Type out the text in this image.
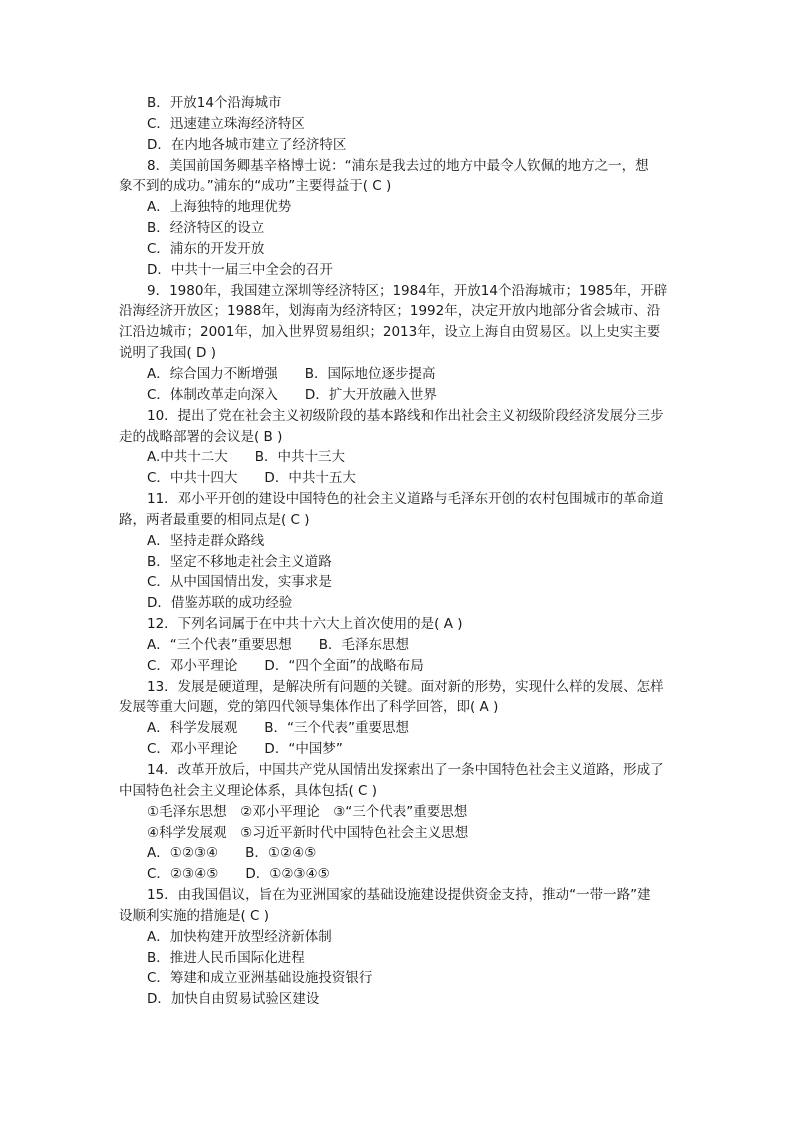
B．开放14个沿海城市
C．迅速建立珠海经济特区
D．在内地各城市建立了经济特区
8．美国前国务卿基辛格博士说：“浦东是我去过的地方中最令人钦佩的地方之一，想
象不到的成功。”浦东的“成功”主要得益于( C )
A．上海独特的地理优势
B．经济特区的设立
C．浦东的开发开放
D．中共十一届三中全会的召开
9．1980年，我国建立深圳等经济特区；1984年，开放14个沿海城市；1985年，开辟
沿海经济开放区；1988年，划海南为经济特区；1992年，决定开放内地部分省会城市、沿
江沿边城市；2001年，加入世界贸易组织；2013年，设立上海自由贸易区。以上史实主要
说明了我国( D )
A．综合国力不断增强　　B．国际地位逐步提高
C．体制改革走向深入　　D．扩大开放融入世界
10．提出了党在社会主义初级阶段的基本路线和作出社会主义初级阶段经济发展分三步
走的战略部署的会议是( B )
A.中共十二大　　B．中共十三大
C．中共十四大　　D．中共十五大
11．邓小平开创的建设中国特色的社会主义道路与毛泽东开创的农村包围城市的革命道
路，两者最重要的相同点是( C )
A．坚持走群众路线
B．坚定不移地走社会主义道路
C．从中国国情出发，实事求是
D．借鉴苏联的成功经验
12．下列名词属于在中共十六大上首次使用的是( A )
A．“三个代表”重要思想　　B．毛泽东思想
C．邓小平理论　　D．“四个全面”的战略布局
13．发展是硬道理，是解决所有问题的关键。面对新的形势，实现什么样的发展、怎样
发展等重大问题，党的第四代领导集体作出了科学回答，即( A )
A．科学发展观　　B．“三个代表”重要思想
C．邓小平理论　　D．“中国梦”
14．改革开放后，中国共产党从国情出发探索出了一条中国特色社会主义道路，形成了
中国特色社会主义理论体系，具体包括( C )
①毛泽东思想　②邓小平理论　③“三个代表”重要思想
④科学发展观　⑤习近平新时代中国特色社会主义思想
A．①②③④　　B．①②④⑤
C．②③④⑤　　D．①②③④⑤
15．由我国倡议，旨在为亚洲国家的基础设施建设提供资金支持，推动“一带一路”建
设顺利实施的措施是( C )
A．加快构建开放型经济新体制
B．推进人民币国际化进程
C．筹建和成立亚洲基础设施投资银行
D．加快自由贸易试验区建设
